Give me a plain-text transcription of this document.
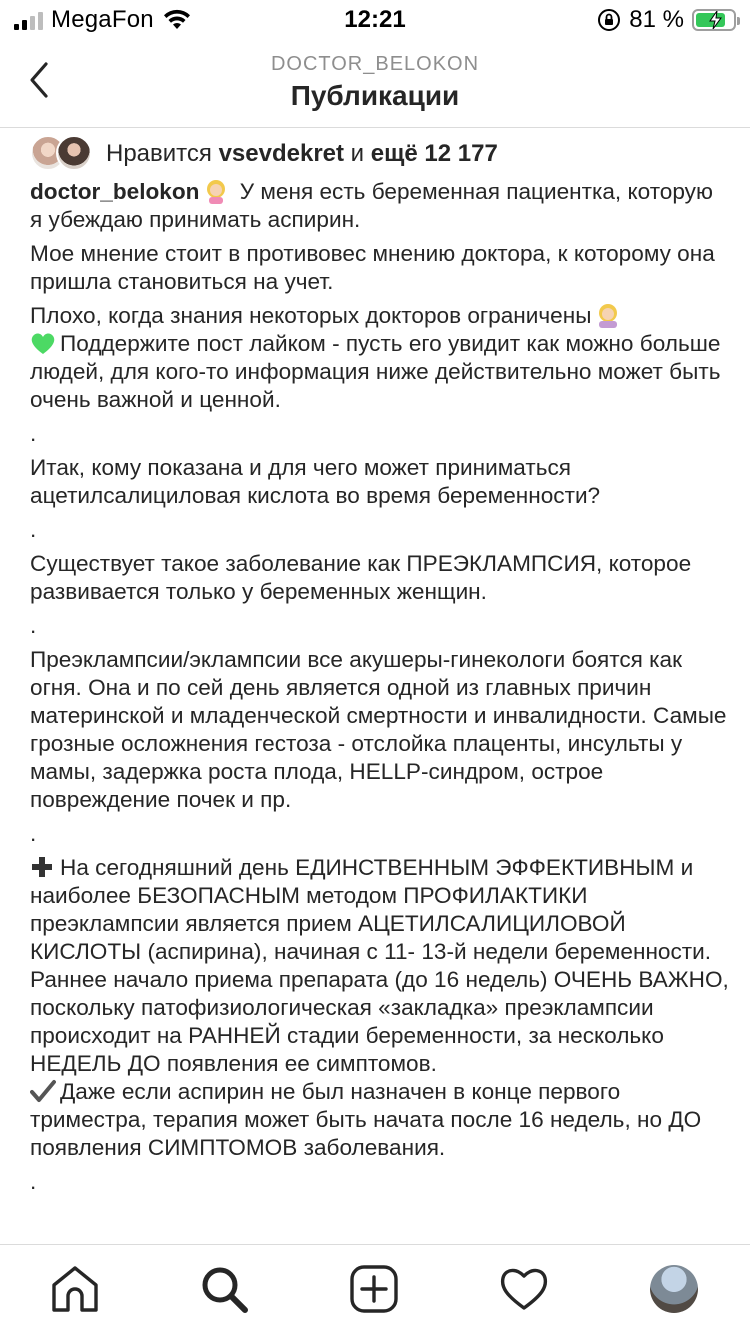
MegaFon	12:21	81 %
DOCTOR_BELOKON
Публикации
Нравится vsevdekret и ещё 12 177
doctor_belokon У меня есть беременная пациентка, которую я убеждаю принимать аспирин.
Мое мнение стоит в противовес мнению доктора, к которому она пришла становиться на учет.
Плохо, когда знания некоторых докторов ограничены
Поддержите пост лайком - пусть его увидит как можно больше людей, для кого-то информация ниже действительно может быть очень важной и ценной.
.
Итак, кому показана и для чего может приниматься ацетилсалициловая кислота во время беременности?
.
Существует такое заболевание как ПРЕЭКЛАМПСИЯ, которое развивается только у беременных женщин.
.
Преэклампсии/эклампсии все акушеры-гинекологи боятся как огня. Она и по сей день является одной из главных причин материнской и младенческой смертности и инвалидности. Самые грозные осложнения гестоза - отслойка плаценты, инсульты у мамы, задержка роста плода, HELLP-синдром, острое повреждение почек и пр.
.
На сегодняшний день ЕДИНСТВЕННЫМ ЭФФЕКТИВНЫМ и наиболее БЕЗОПАСНЫМ методом ПРОФИЛАКТИКИ преэклампсии является прием АЦЕТИЛСАЛИЦИЛОВОЙ КИСЛОТЫ (аспирина), начиная с 11- 13-й недели беременности. Раннее начало приема препарата (до 16 недель) ОЧЕНЬ ВАЖНО, поскольку патофизиологическая «закладка» преэклампсии происходит на РАННЕЙ стадии беременности, за несколько НЕДЕЛЬ ДО появления ее симптомов.
Даже если аспирин не был назначен в конце первого триместра, терапия может быть начата после 16 недель, но ДО появления СИМПТОМОВ заболевания.
.
